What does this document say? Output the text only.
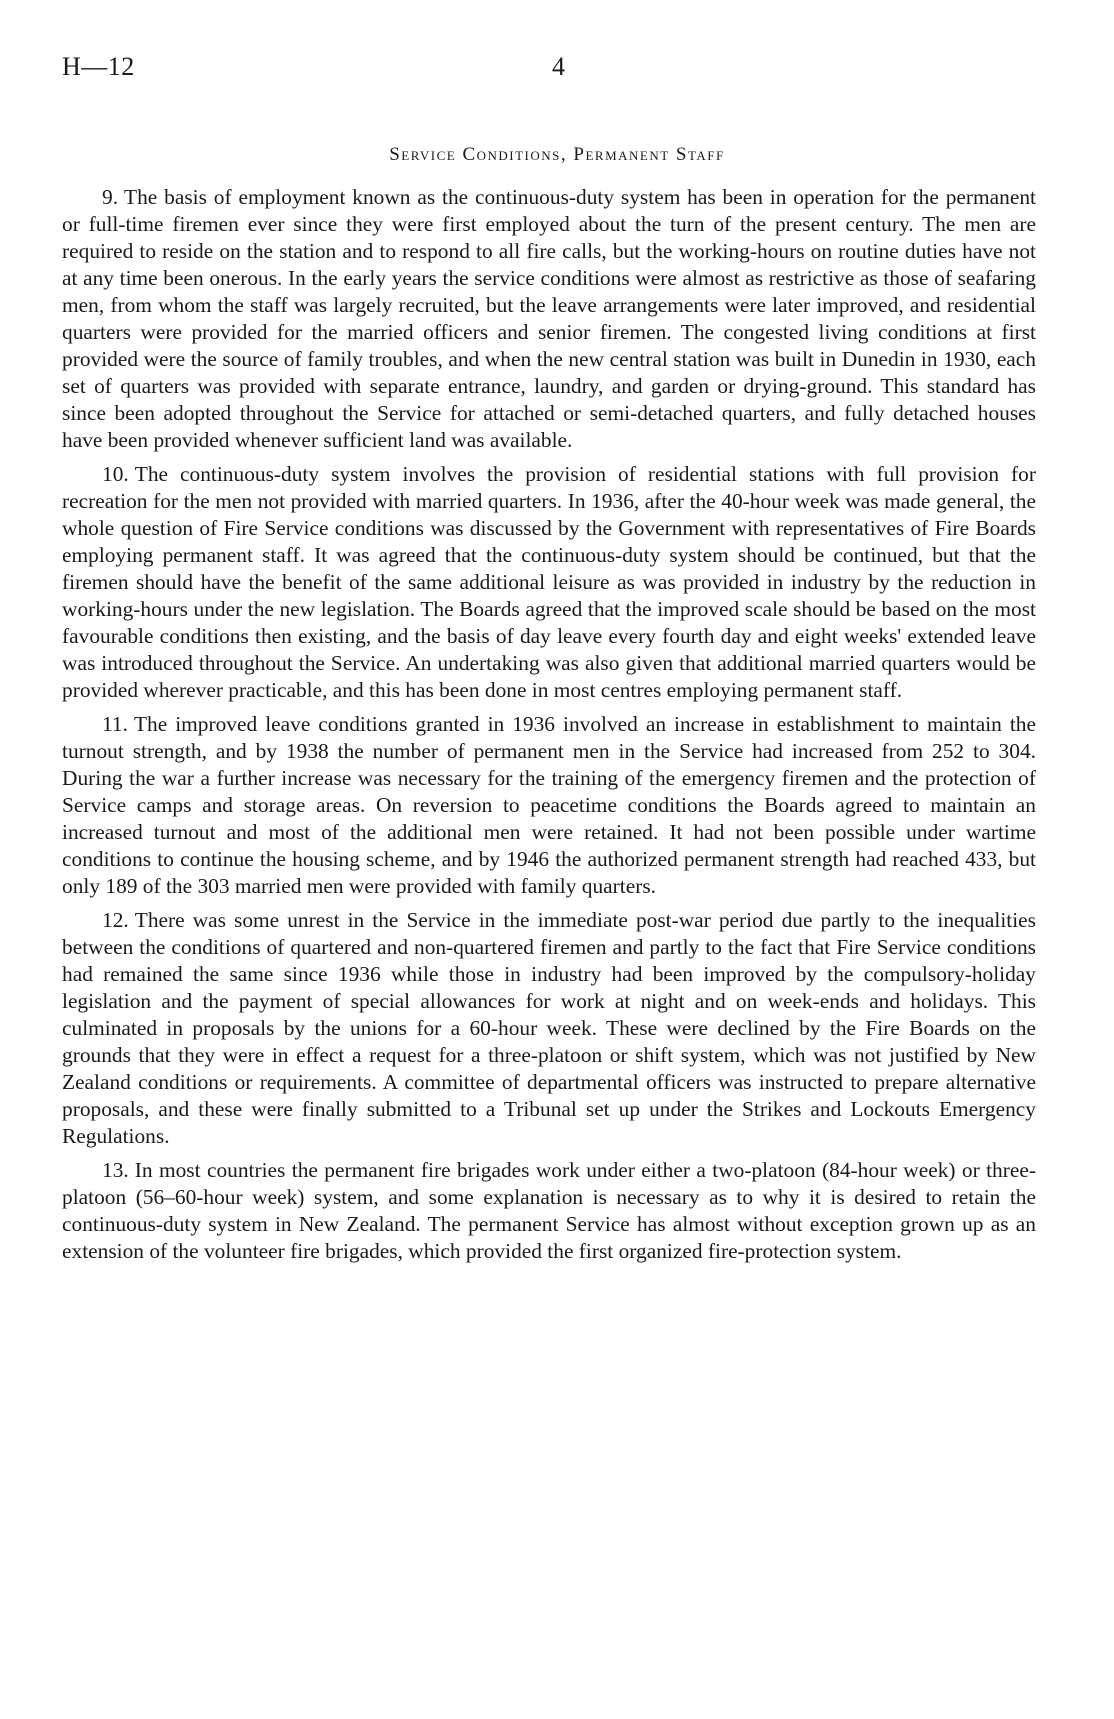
H—12	4
Service Conditions, Permanent Staff

9. The basis of employment known as the continuous-duty system has been in operation for the permanent or full-time firemen ever since they were first employed about the turn of the present century. The men are required to reside on the station and to respond to all fire calls, but the working-hours on routine duties have not at any time been onerous. In the early years the service conditions were almost as restrictive as those of seafaring men, from whom the staff was largely recruited, but the leave arrangements were later improved, and residential quarters were provided for the married officers and senior firemen. The congested living conditions at first provided were the source of family troubles, and when the new central station was built in Dunedin in 1930, each set of quarters was provided with separate entrance, laundry, and garden or drying-ground. This standard has since been adopted throughout the Service for attached or semi-detached quarters, and fully detached houses have been provided whenever sufficient land was available.

10. The continuous-duty system involves the provision of residential stations with full provision for recreation for the men not provided with married quarters. In 1936, after the 40-hour week was made general, the whole question of Fire Service conditions was discussed by the Government with representatives of Fire Boards employing permanent staff. It was agreed that the continuous-duty system should be continued, but that the firemen should have the benefit of the same additional leisure as was provided in industry by the reduction in working-hours under the new legislation. The Boards agreed that the improved scale should be based on the most favourable conditions then existing, and the basis of day leave every fourth day and eight weeks' extended leave was introduced throughout the Service. An undertaking was also given that additional married quarters would be provided wherever practicable, and this has been done in most centres employing permanent staff.

11. The improved leave conditions granted in 1936 involved an increase in establishment to maintain the turnout strength, and by 1938 the number of permanent men in the Service had increased from 252 to 304. During the war a further increase was necessary for the training of the emergency firemen and the protection of Service camps and storage areas. On reversion to peacetime conditions the Boards agreed to maintain an increased turnout and most of the additional men were retained. It had not been possible under wartime conditions to continue the housing scheme, and by 1946 the authorized permanent strength had reached 433, but only 189 of the 303 married men were provided with family quarters.

12. There was some unrest in the Service in the immediate post-war period due partly to the inequalities between the conditions of quartered and non-quartered firemen and partly to the fact that Fire Service conditions had remained the same since 1936 while those in industry had been improved by the compulsory-holiday legislation and the payment of special allowances for work at night and on week-ends and holidays. This culminated in proposals by the unions for a 60-hour week. These were declined by the Fire Boards on the grounds that they were in effect a request for a three-platoon or shift system, which was not justified by New Zealand conditions or requirements. A committee of departmental officers was instructed to prepare alternative proposals, and these were finally submitted to a Tribunal set up under the Strikes and Lockouts Emergency Regulations.

13. In most countries the permanent fire brigades work under either a two-platoon (84-hour week) or three-platoon (56–60-hour week) system, and some explanation is necessary as to why it is desired to retain the continuous-duty system in New Zealand. The permanent Service has almost without exception grown up as an extension of the volunteer fire brigades, which provided the first organized fire-protection system.
